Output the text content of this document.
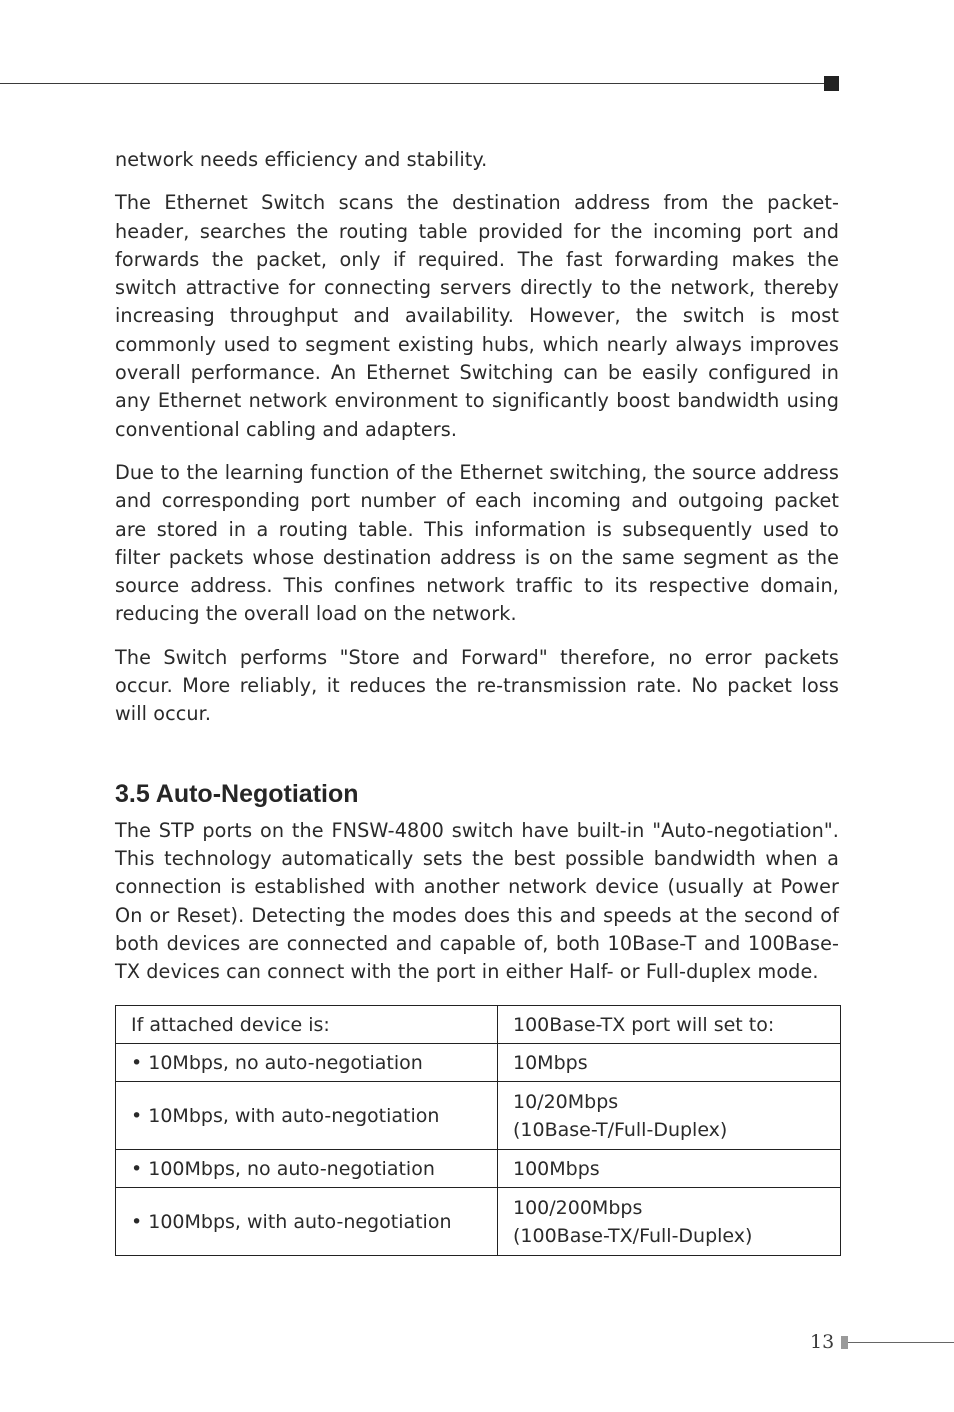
network needs efficiency and stability.

The Ethernet Switch scans the destination address from the packet-header, searches the routing table provided for the incoming port and forwards the packet, only if required. The fast forwarding makes the switch attractive for connecting servers directly to the network, thereby increasing throughput and availability. However, the switch is most commonly used to segment existing hubs, which nearly always improves overall performance. An Ethernet Switching can be easily configured in any Ethernet network environment to significantly boost bandwidth using conventional cabling and adapters.

Due to the learning function of the Ethernet switching, the source address and corresponding port number of each incoming and outgoing packet are stored in a routing table. This information is subsequently used to filter packets whose destination address is on the same segment as the source address. This confines network traffic to its respective domain, reducing the overall load on the network.

The Switch performs "Store and Forward" therefore, no error packets occur. More reliably, it reduces the re-transmission rate. No packet loss will occur.

3.5 Auto-Negotiation

The STP ports on the FNSW-4800 switch have built-in "Auto-negotiation". This technology automatically sets the best possible bandwidth when a connection is established with another network device (usually at Power On or Reset). Detecting the modes does this and speeds at the second of both devices are connected and capable of, both 10Base-T and 100Base-TX devices can connect with the port in either Half- or Full-duplex mode.

If attached device is:	100Base-TX port will set to:
• 10Mbps, no auto-negotiation	10Mbps
• 10Mbps, with auto-negotiation	10/20Mbps
(10Base-T/Full-Duplex)
• 100Mbps, no auto-negotiation	100Mbps
• 100Mbps, with auto-negotiation	100/200Mbps
(100Base-TX/Full-Duplex)
13
